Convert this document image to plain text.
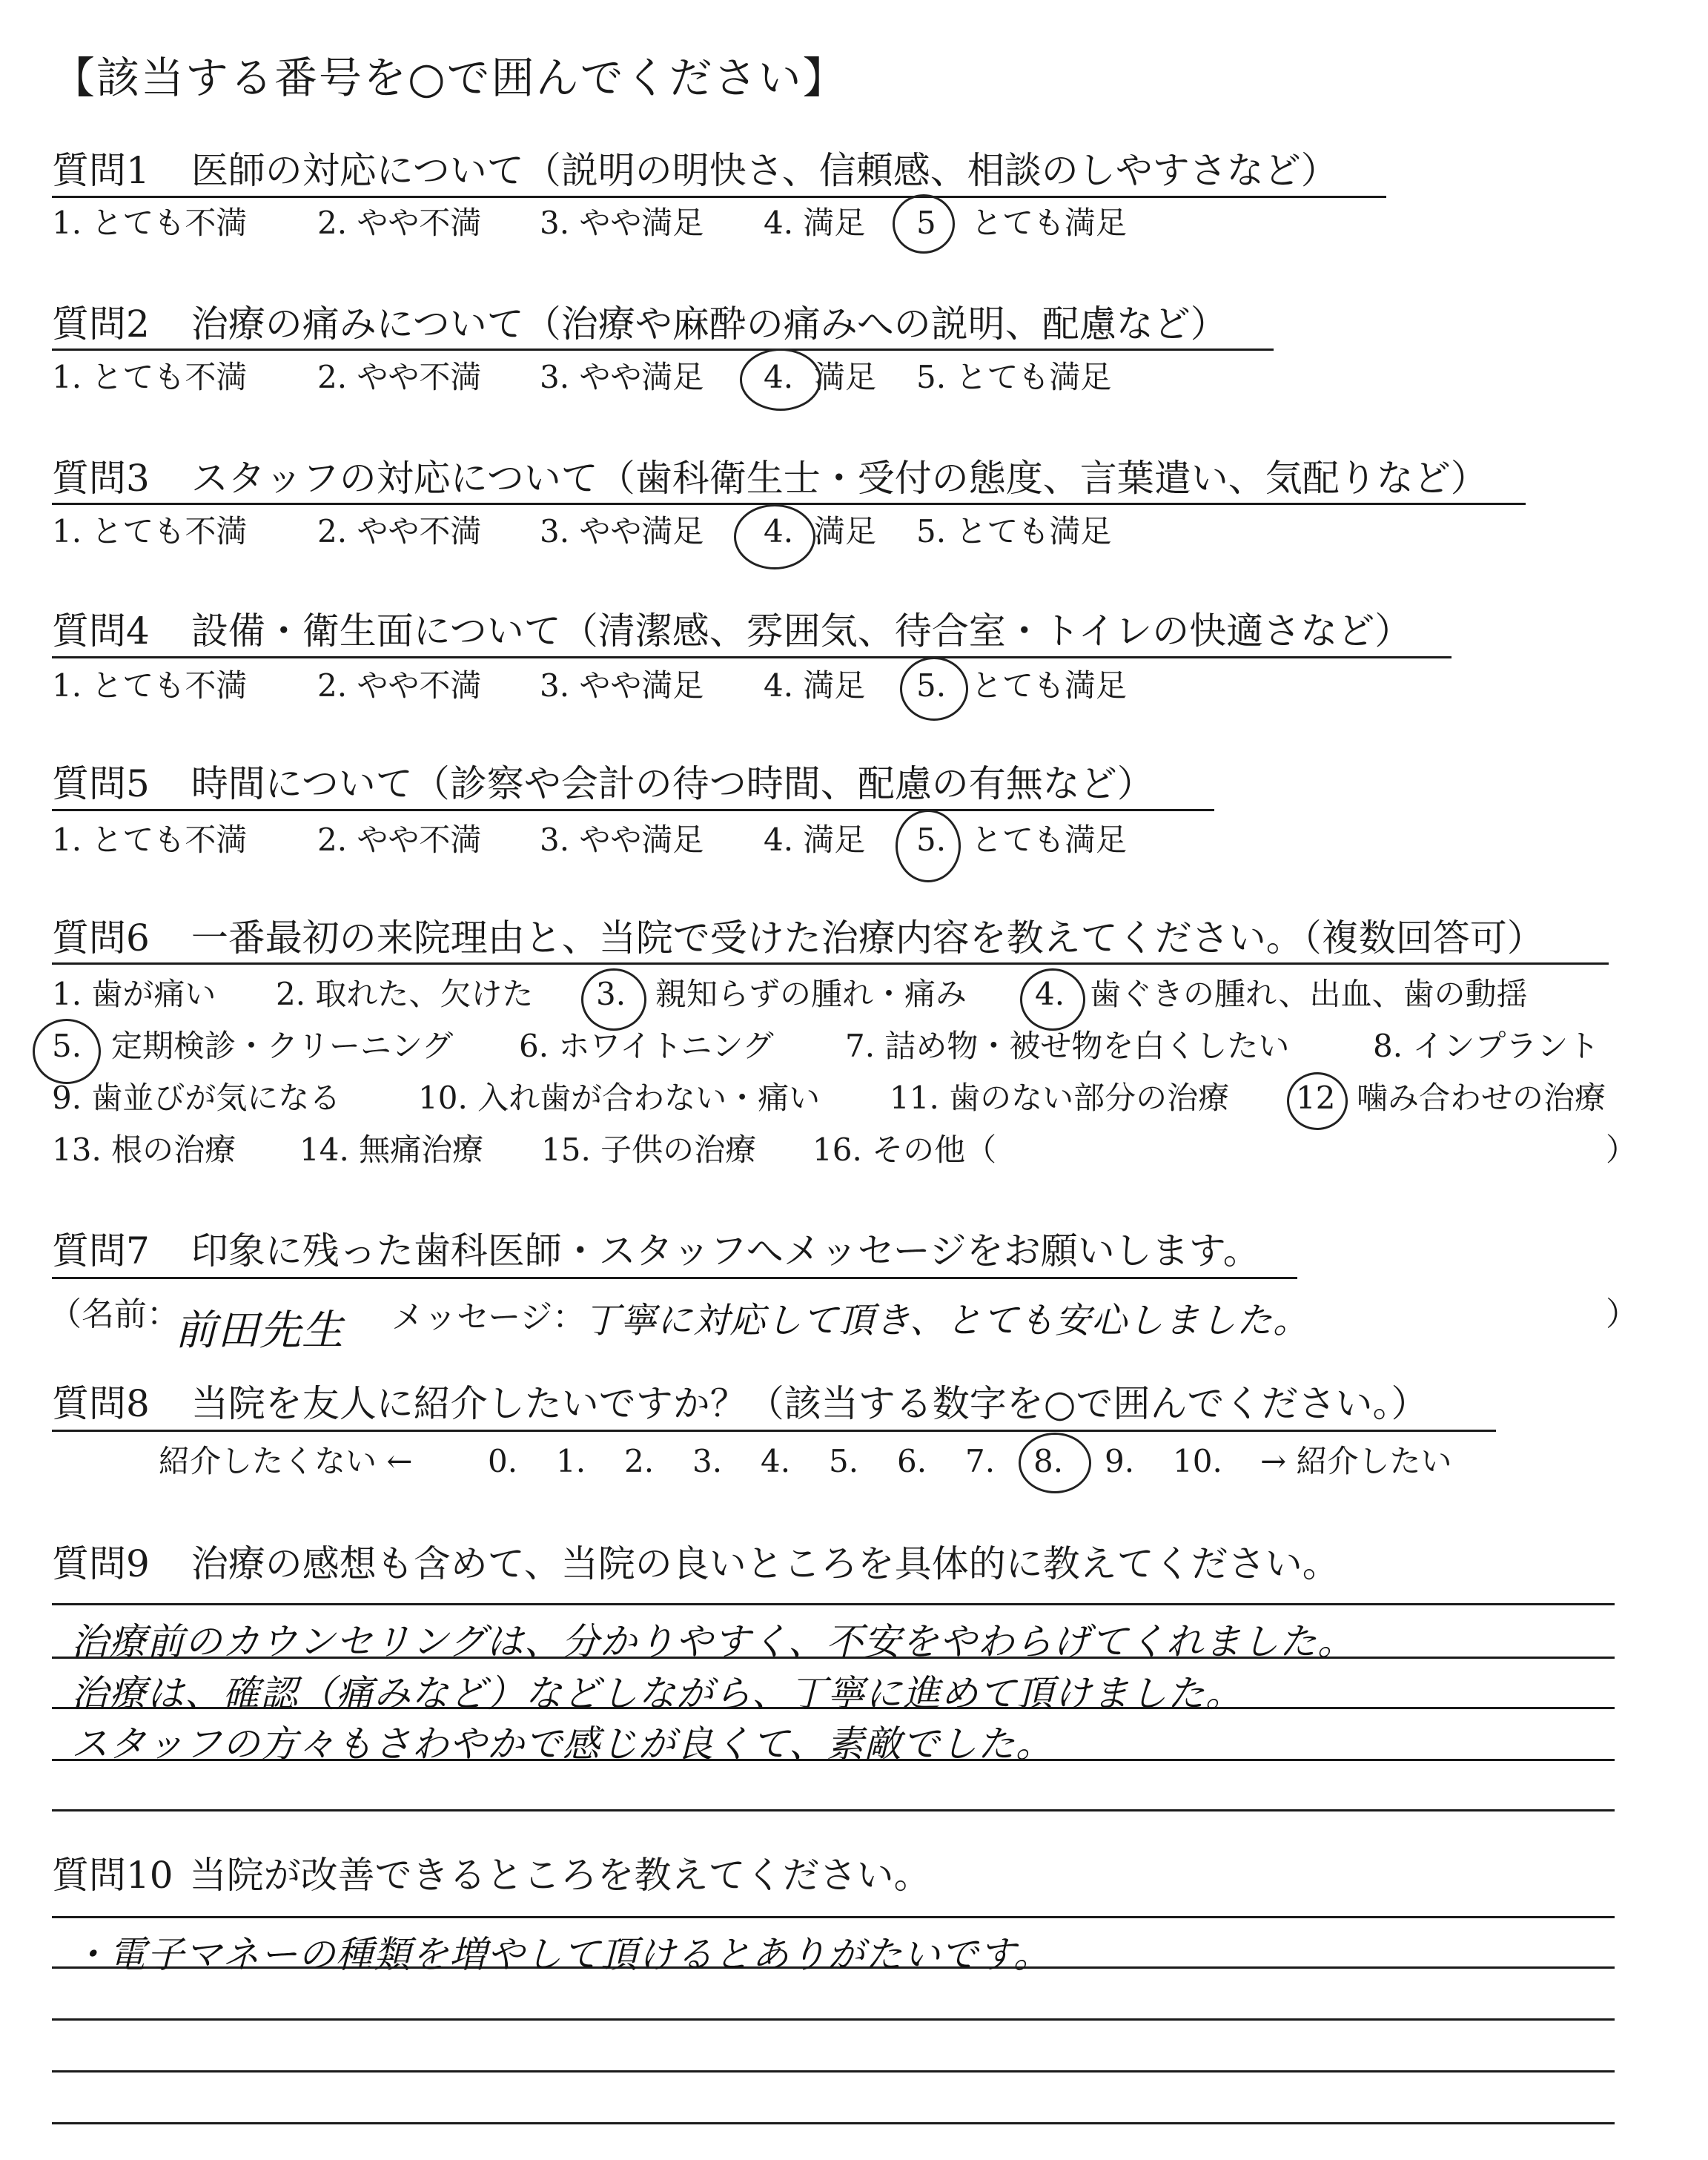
【該当する番号を○で囲んでください】
質問1 医師の対応について（説明の明快さ、信頼感、相談のしやすさなど）
1. とても不満 2. やや不満 3. やや満足 4. 満足 5 とても満足
質問2 治療の痛みについて（治療や麻酔の痛みへの説明、配慮など）
1. とても不満 2. やや不満 3. やや満足 4. 満足 5. とても満足
質問3 スタッフの対応について（歯科衛生士・受付の態度、言葉遣い、気配りなど）
1. とても不満 2. やや不満 3. やや満足 4. 満足 5. とても満足
質問4 設備・衛生面について（清潔感、雰囲気、待合室・トイレの快適さなど）
1. とても不満 2. やや不満 3. やや満足 4. 満足 5. とても満足
質問5 時間について（診察や会計の待つ時間、配慮の有無など）
1. とても不満 2. やや不満 3. やや満足 4. 満足 5. とても満足
質問6 一番最初の来院理由と、当院で受けた治療内容を教えてください。（複数回答可）
1. 歯が痛い 2. 取れた、欠けた 3. 親知らずの腫れ・痛み 4. 歯ぐきの腫れ、出血、歯の動揺
5. 定期検診・クリーニング 6. ホワイトニング 7. 詰め物・被せ物を白くしたい	8. インプラント
9. 歯並びが気になる 10. 入れ歯が合わない・痛い 11. 歯のない部分の治療 12 噛み合わせの治療
13. 根の治療 14. 無痛治療 15. 子供の治療 16. その他（	）
質問7 印象に残った歯科医師・スタッフへメッセージをお願いします。
（名前：
前田先生 メッセージ：
丁寧に対応して頂き、とても安心しました。	）
質問8 当院を友人に紹介したいですか？（該当する数字を○で囲んでください。）
紹介したくない ← 0. 1. 2. 3. 4. 5. 6. 7. 8. 9. 10. → 紹介したい
質問9 治療の感想も含めて、当院の良いところを具体的に教えてください。
治療前のカウンセリングは、分かりやすく、不安をやわらげてくれました。
治療は、確認（痛みなど）などしながら、丁寧に進めて頂けました。
スタッフの方々もさわやかで感じが良くて、素敵でした。
質問10 当院が改善できるところを教えてください。
・電子マネーの種類を増やして頂けるとありがたいです。
